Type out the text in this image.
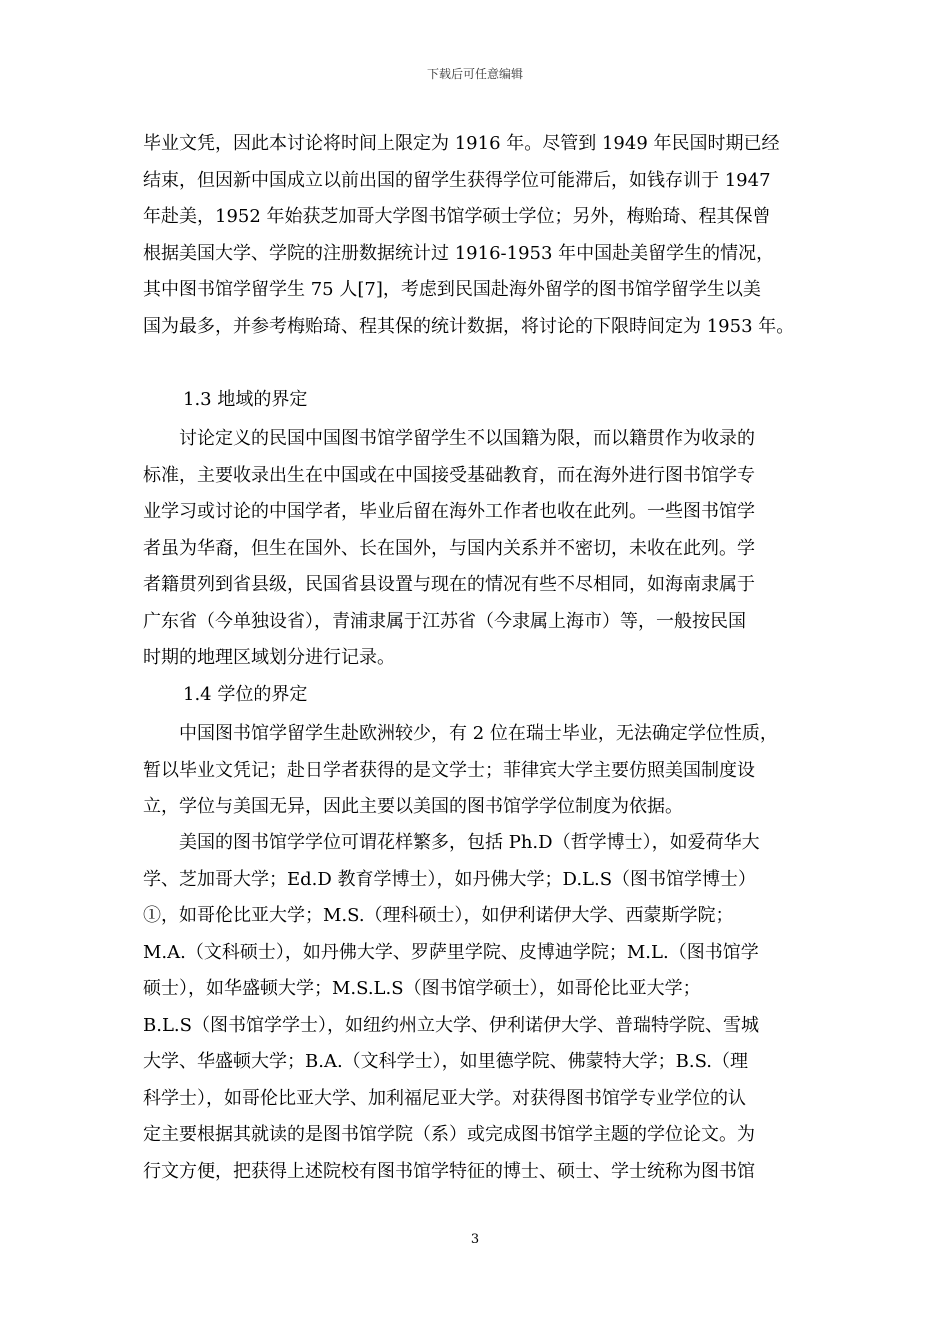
下载后可任意编辑
毕业文凭，因此本讨论将时间上限定为 1916 年。尽管到 1949 年民国时期已经
结束，但因新中国成立以前出国的留学生获得学位可能滞后，如钱存训于 1947
年赴美，1952 年始获芝加哥大学图书馆学硕士学位；另外，梅贻琦、程其保曾
根据美国大学、学院的注册数据统计过 1916-1953 年中国赴美留学生的情况，
其中图书馆学留学生 75 人[7]，考虑到民国赴海外留学的图书馆学留学生以美
国为最多，并参考梅贻琦、程其保的统计数据，将讨论的下限時间定为 1953 年。
1.3 地域的界定
　　讨论定义的民国中国图书馆学留学生不以国籍为限，而以籍贯作为收录的
标准，主要收录出生在中国或在中国接受基础教育，而在海外进行图书馆学专
业学习或讨论的中国学者，毕业后留在海外工作者也收在此列。一些图书馆学
者虽为华裔，但生在国外、长在国外，与国内关系并不密切，未收在此列。学
者籍贯列到省县级，民国省县设置与现在的情况有些不尽相同，如海南隶属于
广东省（今单独设省），青浦隶属于江苏省（今隶属上海市）等，一般按民国
时期的地理区域划分进行记录。
1.4 学位的界定
　　中国图书馆学留学生赴欧洲较少，有 2 位在瑞士毕业，无法确定学位性质，
暂以毕业文凭记；赴日学者获得的是文学士；菲律宾大学主要仿照美国制度设
立，学位与美国无异，因此主要以美国的图书馆学学位制度为依据。
　　美国的图书馆学学位可谓花样繁多，包括 Ph.D（哲学博士），如爱荷华大
学、芝加哥大学；Ed.D 教育学博士），如丹佛大学；D.L.S（图书馆学博士）
①，如哥伦比亚大学；M.S.（理科硕士），如伊利诺伊大学、西蒙斯学院；
M.A.（文科硕士），如丹佛大学、罗萨里学院、皮博迪学院；M.L.（图书馆学
硕士），如华盛顿大学；M.S.L.S（图书馆学硕士），如哥伦比亚大学；
B.L.S（图书馆学学士），如纽约州立大学、伊利诺伊大学、普瑞特学院、雪城
大学、华盛顿大学；B.A.（文科学士），如里德学院、佛蒙特大学；B.S.（理
科学士），如哥伦比亚大学、加利福尼亚大学。对获得图书馆学专业学位的认
定主要根据其就读的是图书馆学院（系）或完成图书馆学主题的学位论文。为
行文方便，把获得上述院校有图书馆学特征的博士、硕士、学士统称为图书馆
3
